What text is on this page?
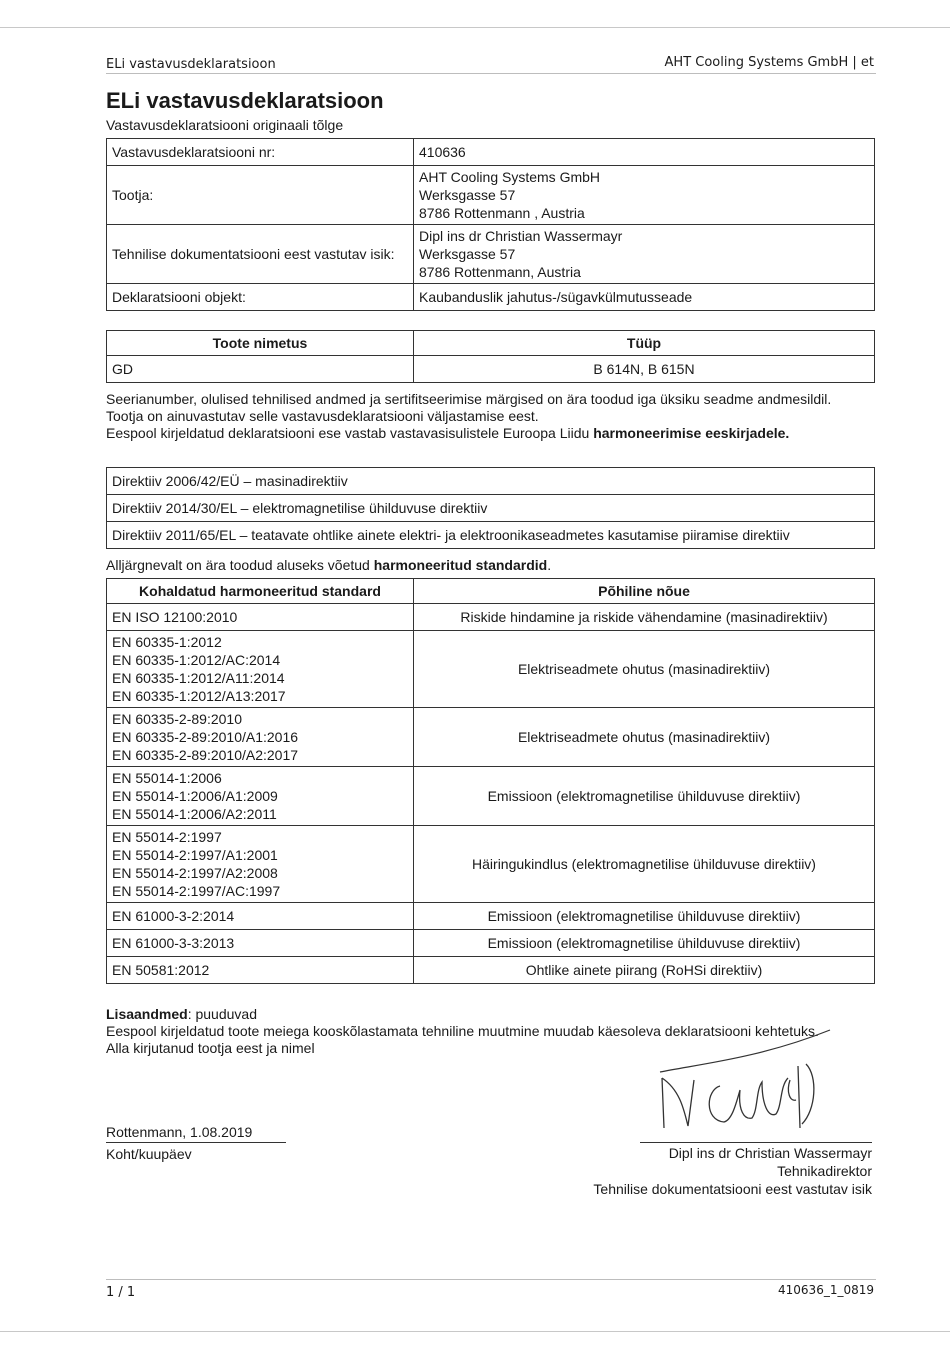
ELi vastavusdeklaratsioon	AHT Cooling Systems GmbH | et
ELi vastavusdeklaratsioon
Vastavusdeklaratsiooni originaali tõlge
Vastavusdeklaratsiooni nr:	410636
Tootja:	AHT Cooling Systems GmbH
Werksgasse 57
8786 Rottenmann , Austria

Tehnilise dokumentatsiooni eest vastutav isik:	Dipl ins dr Christian Wassermayr
Werksgasse 57
8786 Rottenmann, Austria

Deklaratsiooni objekt:	Kaubanduslik jahutus-/sügavkülmutusseade
Toote nimetus	Tüüp
GD	B 614N, B 615N
Seerianumber, olulised tehnilised andmed ja sertifitseerimise märgised on ära toodud iga üksiku seadme andmesildil.
Tootja on ainuvastutav selle vastavusdeklaratsiooni väljastamise eest.
Eespool kirjeldatud deklaratsiooni ese vastab vastavasisulistele Euroopa Liidu harmoneerimise eeskirjadele.
Direktiiv 2006/42/EÜ – masinadirektiiv
Direktiiv 2014/30/EL – elektromagnetilise ühilduvuse direktiiv
Direktiiv 2011/65/EL – teatavate ohtlike ainete elektri- ja elektroonikaseadmetes kasutamise piiramise direktiiv
Alljärgnevalt on ära toodud aluseks võetud harmoneeritud standardid.
Kohaldatud harmoneeritud standard	Põhiline nõue

EN ISO 12100:2010	Riskide hindamine ja riskide vähendamine (masinadirektiiv)

EN 60335-1:2012
EN 60335-1:2012/AC:2014
EN 60335-1:2012/A11:2014
EN 60335-1:2012/A13:2017	Elektriseadmete ohutus (masinadirektiiv)

EN 60335-2-89:2010
EN 60335-2-89:2010/A1:2016
EN 60335-2-89:2010/A2:2017	Elektriseadmete ohutus (masinadirektiiv)

EN 55014-1:2006
EN 55014-1:2006/A1:2009
EN 55014-1:2006/A2:2011	Emissioon (elektromagnetilise ühilduvuse direktiiv)

EN 55014-2:1997
EN 55014-2:1997/A1:2001
EN 55014-2:1997/A2:2008
EN 55014-2:1997/AC:1997	Häiringukindlus (elektromagnetilise ühilduvuse direktiiv)

EN 61000-3-2:2014	Emissioon (elektromagnetilise ühilduvuse direktiiv)

EN 61000-3-3:2013	Emissioon (elektromagnetilise ühilduvuse direktiiv)

EN 50581:2012	Ohtlike ainete piirang (RoHSi direktiiv)
Lisaandmed: puuduvad
Eespool kirjeldatud toote meiega kooskõlastamata tehniline muutmine muudab käesoleva deklaratsiooni kehtetuks.
Alla kirjutanud tootja eest ja nimel
Rottenmann, 1.08.2019
Koht/kuupäev	Dipl ins dr Christian Wassermayr
Tehnikadirektor
Tehnilise dokumentatsiooni eest vastutav isik
1 / 1	410636_1_0819
